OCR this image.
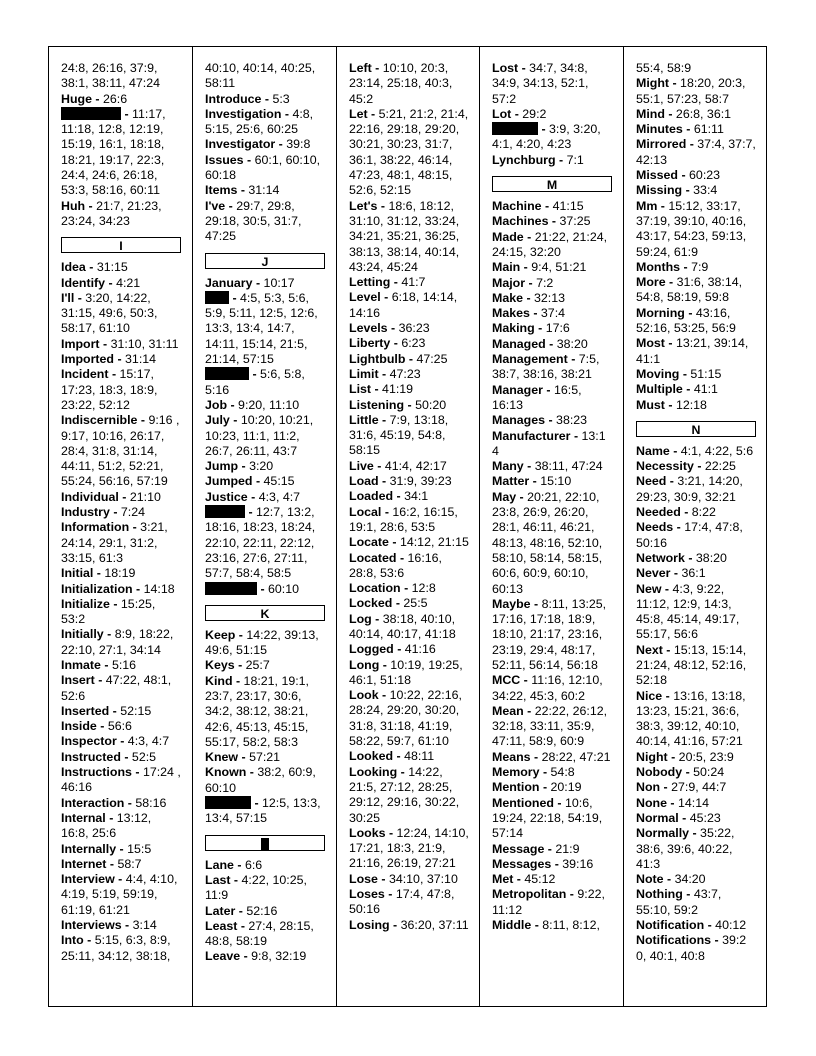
24:8, 26:16, 37:9, 38:1, 38:11, 47:24
Huge - 26:6
- 11:17, 11:18, 12:8, 12:19, 15:19, 16:1, 18:18, 18:21, 19:17, 22:3, 24:4, 24:6, 26:18, 53:3, 58:16, 60:11
Huh - 21:7, 21:23, 23:24, 34:23
I
Idea - 31:15
Identify - 4:21
I'll - 3:20, 14:22, 31:15, 49:6, 50:3, 58:17, 61:10
Import - 31:10, 31:11
Imported - 31:14
Incident - 15:17, 17:23, 18:3, 18:9, 23:22, 52:12
Indiscernible - 9:16 , 9:17, 10:16, 26:17, 28:4, 31:8, 31:14, 44:11, 51:2, 52:21, 55:24, 56:16, 57:19
Individual - 21:10
Industry - 7:24
Information - 3:21, 24:14, 29:1, 31:2, 33:15, 61:3
Initial - 18:19
Initialization - 14:18
Initialize - 15:25, 53:2
Initially - 8:9, 18:22, 22:10, 27:1, 34:14
Inmate - 5:16
Insert - 47:22, 48:1, 52:6
Inserted - 52:15
Inside - 56:6
Inspector - 4:3, 4:7
Instructed - 52:5
Instructions - 17:24 , 46:16
Interaction - 58:16
Internal - 13:12, 16:8, 25:6
Internally - 15:5
Internet - 58:7
Interview - 4:4, 4:10, 4:19, 5:19, 59:19, 61:19, 61:21
Interviews - 3:14
Into - 5:15, 6:3, 8:9, 25:11, 34:12, 38:18,
40:10, 40:14, 40:25, 58:11
Introduce - 5:3
Investigation - 4:8, 5:15, 25:6, 60:25
Investigator - 39:8
Issues - 60:1, 60:10, 60:18
Items - 31:14
I've - 29:7, 29:8, 29:18, 30:5, 31:7, 47:25
J
January - 10:17
- 4:5, 5:3, 5:6, 5:9, 5:11, 12:5, 12:6, 13:3, 13:4, 14:7, 14:11, 15:14, 21:5, 21:14, 57:15
- 5:6, 5:8, 5:16
Job - 9:20, 11:10
July - 10:20, 10:21, 10:23, 11:1, 11:2, 26:7, 26:11, 43:7
Jump - 3:20
Jumped - 45:15
Justice - 4:3, 4:7
- 12:7, 13:2, 18:16, 18:23, 18:24, 22:10, 22:11, 22:12, 23:16, 27:6, 27:11, 57:7, 58:4, 58:5
- 60:10
K
Keep - 14:22, 39:13, 49:6, 51:15
Keys - 25:7
Kind - 18:21, 19:1, 23:7, 23:17, 30:6, 34:2, 38:12, 38:21, 42:6, 45:13, 45:15, 55:17, 58:2, 58:3
Knew - 57:21
Known - 38:2, 60:9, 60:10
- 12:5, 13:3, 13:4, 57:15
Lane - 6:6
Last - 4:22, 10:25, 11:9
Later - 52:16
Least - 27:4, 28:15, 48:8, 58:19
Leave - 9:8, 32:19
Left - 10:10, 20:3, 23:14, 25:18, 40:3, 45:2
Let - 5:21, 21:2, 21:4, 22:16, 29:18, 29:20, 30:21, 30:23, 31:7, 36:1, 38:22, 46:14, 47:23, 48:1, 48:15, 52:6, 52:15
Let's - 18:6, 18:12, 31:10, 31:12, 33:24, 34:21, 35:21, 36:25, 38:13, 38:14, 40:14, 43:24, 45:24
Letting - 41:7
Level - 6:18, 14:14, 14:16
Levels - 36:23
Liberty - 6:23
Lightbulb - 47:25
Limit - 47:23
List - 41:19
Listening - 50:20
Little - 7:9, 13:18, 31:6, 45:19, 54:8, 58:15
Live - 41:4, 42:17
Load - 31:9, 39:23
Loaded - 34:1
Local - 16:2, 16:15, 19:1, 28:6, 53:5
Locate - 14:12, 21:15
Located - 16:16, 28:8, 53:6
Location - 12:8
Locked - 25:5
Log - 38:18, 40:10, 40:14, 40:17, 41:18
Logged - 41:16
Long - 10:19, 19:25, 46:1, 51:18
Look - 10:22, 22:16, 28:24, 29:20, 30:20, 31:8, 31:18, 41:19, 58:22, 59:7, 61:10
Looked - 48:11
Looking - 14:22, 21:5, 27:12, 28:25, 29:12, 29:16, 30:22, 30:25
Looks - 12:24, 14:10, 17:21, 18:3, 21:9, 21:16, 26:19, 27:21
Lose - 34:10, 37:10
Loses - 17:4, 47:8, 50:16
Losing - 36:20, 37:11
Lost - 34:7, 34:8, 34:9, 34:13, 52:1, 57:2
Lot - 29:2
- 3:9, 3:20, 4:1, 4:20, 4:23
Lynchburg - 7:1
M
Machine - 41:15
Machines - 37:25
Made - 21:22, 21:24, 24:15, 32:20
Main - 9:4, 51:21
Major - 7:2
Make - 32:13
Makes - 37:4
Making - 17:6
Managed - 38:20
Management - 7:5, 38:7, 38:16, 38:21
Manager - 16:5, 16:13
Manages - 38:23
Manufacturer - 13:1 4
Many - 38:11, 47:24
Matter - 15:10
May - 20:21, 22:10, 23:8, 26:9, 26:20, 28:1, 46:11, 46:21, 48:13, 48:16, 52:10, 58:10, 58:14, 58:15, 60:6, 60:9, 60:10, 60:13
Maybe - 8:11, 13:25, 17:16, 17:18, 18:9, 18:10, 21:17, 23:16, 23:19, 29:4, 48:17, 52:11, 56:14, 56:18
MCC - 11:16, 12:10, 34:22, 45:3, 60:2
Mean - 22:22, 26:12, 32:18, 33:11, 35:9, 47:11, 58:9, 60:9
Means - 28:22, 47:21
Memory - 54:8
Mention - 20:19
Mentioned - 10:6, 19:24, 22:18, 54:19, 57:14
Message - 21:9
Messages - 39:16
Met - 45:12
Metropolitan - 9:22, 11:12
Middle - 8:11, 8:12,
55:4, 58:9
Might - 18:20, 20:3, 55:1, 57:23, 58:7
Mind - 26:8, 36:1
Minutes - 61:11
Mirrored - 37:4, 37:7, 42:13
Missed - 60:23
Missing - 33:4
Mm - 15:12, 33:17, 37:19, 39:10, 40:16, 43:17, 54:23, 59:13, 59:24, 61:9
Months - 7:9
More - 31:6, 38:14, 54:8, 58:19, 59:8
Morning - 43:16, 52:16, 53:25, 56:9
Most - 13:21, 39:14, 41:1
Moving - 51:15
Multiple - 41:1
Must - 12:18
N
Name - 4:1, 4:22, 5:6
Necessity - 22:25
Need - 3:21, 14:20, 29:23, 30:9, 32:21
Needed - 8:22
Needs - 17:4, 47:8, 50:16
Network - 38:20
Never - 36:1
New - 4:3, 9:22, 11:12, 12:9, 14:3, 45:8, 45:14, 49:17, 55:17, 56:6
Next - 15:13, 15:14, 21:24, 48:12, 52:16, 52:18
Nice - 13:16, 13:18, 13:23, 15:21, 36:6, 38:3, 39:12, 40:10, 40:14, 41:16, 57:21
Night - 20:5, 23:9
Nobody - 50:24
Non - 27:9, 44:7
None - 14:14
Normal - 45:23
Normally - 35:22, 38:6, 39:6, 40:22, 41:3
Note - 34:20
Nothing - 43:7, 55:10, 59:2
Notification - 40:12
Notifications - 39:2 0, 40:1, 40:8
